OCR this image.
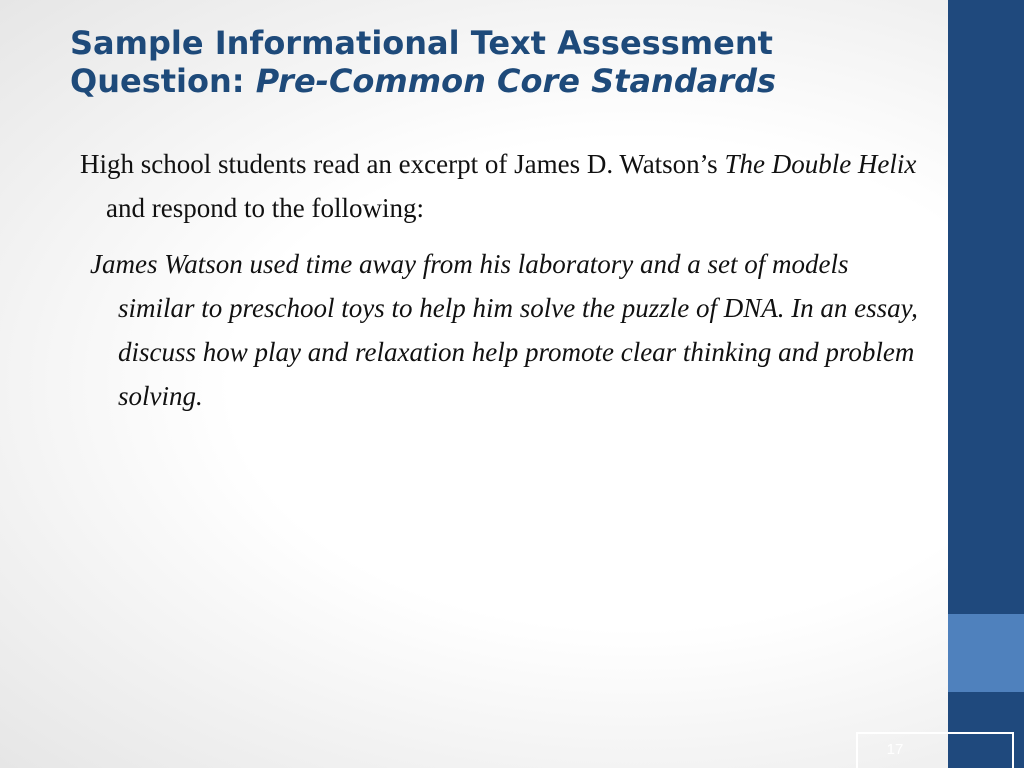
Sample Informational Text Assessment
Question: Pre-Common Core Standards

High school students read an excerpt of James D. Watson’s The Double Helix and respond to the following:

James Watson used time away from his laboratory and a set of models similar to preschool toys to help him solve the puzzle of DNA. In an essay, discuss how play and relaxation help promote clear thinking and problem solving.

17
